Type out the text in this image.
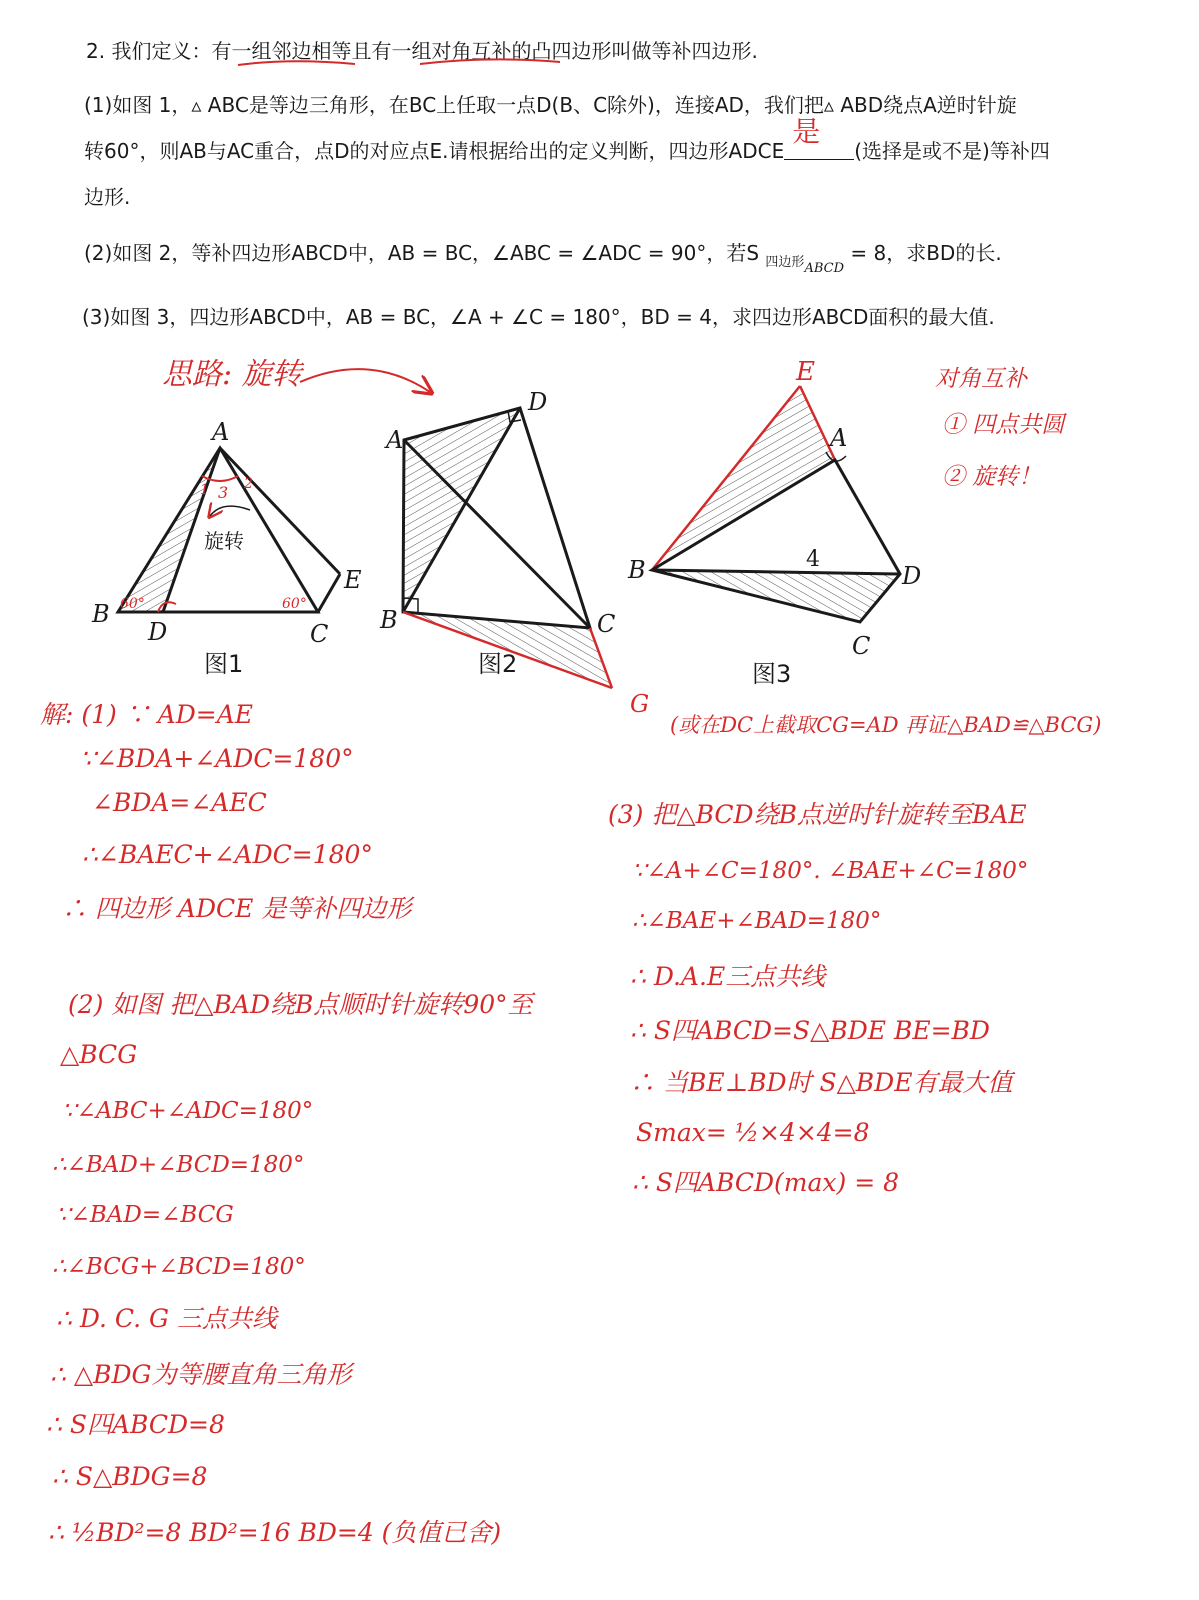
2. 我们定义：有一组邻边相等且有一组对角互补的凸四边形叫做等补四边形.
(1)如图 1，▵ ABC是等边三角形，在BC上任取一点D(B、C除外)，连接AD，我们把▵ ABD绕点A逆时针旋
转60°，则AB与AC重合，点D的对应点E.请根据给出的定义判断，四边形ADCE
是
(选择是或不是)等补四
边形.
(2)如图 2，等补四边形ABCD中，AB = BC，∠ABC = ∠ADC = 90°，若S $_{四边形ABCD}$ = 8，求BD的长.
(3)如图 3，四边形ABCD中，AB = BC，∠A + ∠C = 180°，BD = 4，求四边形ABCD面积的最大值.
A
B
C
D
E
60°	60°
1	2
3
旋转
图1
A
B	C
D
G
图2
E
A
B
C
D
4
图3
思路: 旋转	对角互补
① 四点共圆
② 旋转！
(或在DC上截取CG=AD 再证△BAD≌△BCG)
解: (1) ∵ AD=AE
∵∠BDA+∠ADC=180°
∠BDA=∠AEC
∴∠BAEC+∠ADC=180°
∴ 四边形 ADCE 是等补四边形
(2) 如图 把△BAD绕B点顺时针旋转90°至
△BCG
∵∠ABC+∠ADC=180°
∴∠BAD+∠BCD=180°
∵∠BAD=∠BCG
∴∠BCG+∠BCD=180°
∴ D. C. G 三点共线
∴ △BDG为等腰直角三角形
∴ S四ABCD=8
∴ S△BDG=8
∴ ½BD²=8 BD²=16 BD=4 (负值已舍)
(3) 把△BCD绕B点逆时针旋转至BAE
∵∠A+∠C=180°. ∠BAE+∠C=180°
∴∠BAE+∠BAD=180°
∴ D.A.E三点共线
∴ S四ABCD=S△BDE BE=BD
∴ 当BE⊥BD时 S△BDE有最大值
Smax= ½×4×4=8
∴ S四ABCD(max) = 8
